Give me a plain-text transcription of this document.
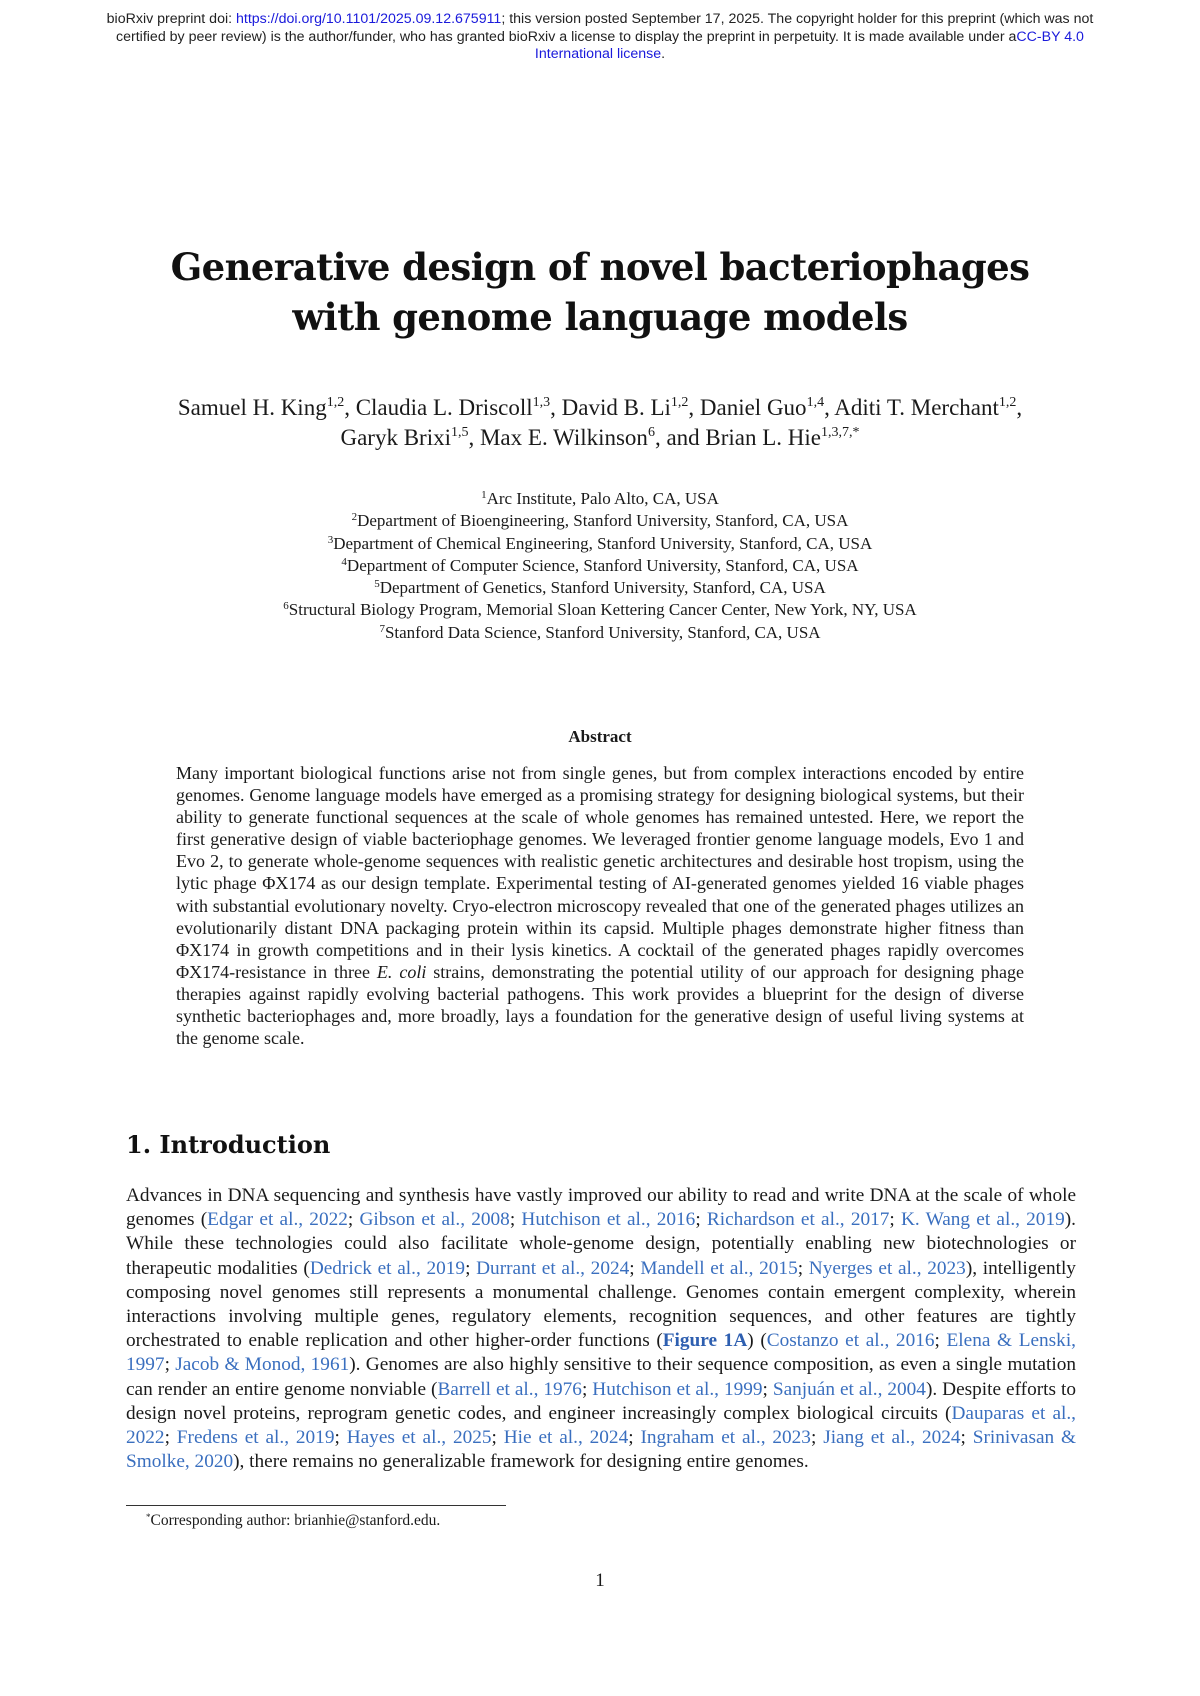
bioRxiv preprint doi: https://doi.org/10.1101/2025.09.12.675911; this version posted September 17, 2025. The copyright holder for this preprint (which was not certified by peer review) is the author/funder, who has granted bioRxiv a license to display the preprint in perpetuity. It is made available under aCC-BY 4.0 International license.
Generative design of novel bacteriophages
with genome language models
Samuel H. King$^{1,2}$, Claudia L. Driscoll$^{1,3}$, David B. Li$^{1,2}$, Daniel Guo$^{1,4}$, Aditi T. Merchant$^{1,2}$,
Garyk Brixi$^{1,5}$, Max E. Wilkinson$^6$, and Brian L. Hie$^{1,3,7,*}$
$^1$Arc Institute, Palo Alto, CA, USA
$^2$Department of Bioengineering, Stanford University, Stanford, CA, USA
$^3$Department of Chemical Engineering, Stanford University, Stanford, CA, USA
$^4$Department of Computer Science, Stanford University, Stanford, CA, USA
$^5$Department of Genetics, Stanford University, Stanford, CA, USA
$^6$Structural Biology Program, Memorial Sloan Kettering Cancer Center, New York, NY, USA
$^7$Stanford Data Science, Stanford University, Stanford, CA, USA
Abstract

Many important biological functions arise not from single genes, but from complex interactions encoded by entire genomes. Genome language models have emerged as a promising strategy for designing biological systems, but their ability to generate functional sequences at the scale of whole genomes has remained untested. Here, we report the first generative design of viable bacteriophage genomes. We leveraged frontier genome language models, Evo 1 and Evo 2, to generate whole-genome sequences with realistic genetic architectures and desirable host tropism, using the lytic phage ΦX174 as our design template. Experimental testing of AI-generated genomes yielded 16 viable phages with substantial evolutionary novelty. Cryo-electron microscopy revealed that one of the generated phages utilizes an evolutionarily distant DNA packaging protein within its capsid. Multiple phages demonstrate higher fitness than ΦX174 in growth competitions and in their lysis kinetics. A cocktail of the generated phages rapidly overcomes ΦX174-resistance in three E. coli strains, demonstrating the potential utility of our approach for designing phage therapies against rapidly evolving bacterial pathogens. This work provides a blueprint for the design of diverse synthetic bacteriophages and, more broadly, lays a foundation for the generative design of useful living systems at the genome scale.

1. Introduction

Advances in DNA sequencing and synthesis have vastly improved our ability to read and write DNA at the scale of whole genomes (Edgar et al., 2022; Gibson et al., 2008; Hutchison et al., 2016; Richardson et al., 2017; K. Wang et al., 2019). While these technologies could also facilitate whole-genome design, potentially enabling new biotechnologies or therapeutic modalities (Dedrick et al., 2019; Durrant et al., 2024; Mandell et al., 2015; Nyerges et al., 2023), intelligently composing novel genomes still represents a monumental challenge. Genomes contain emergent complexity, wherein interactions involving multiple genes, regulatory elements, recognition sequences, and other features are tightly orchestrated to enable replication and other higher-order functions (Figure 1A) (Costanzo et al., 2016; Elena & Lenski, 1997; Jacob & Monod, 1961). Genomes are also highly sensitive to their sequence composition, as even a single mutation can render an entire genome nonviable (Barrell et al., 1976; Hutchison et al., 1999; Sanjuán et al., 2004). Despite efforts to design novel proteins, reprogram genetic codes, and engineer increasingly complex biological circuits (Dauparas et al., 2022; Fredens et al., 2019; Hayes et al., 2025; Hie et al., 2024; Ingraham et al., 2023; Jiang et al., 2024; Srinivasan & Smolke, 2020), there remains no generalizable framework for designing entire genomes.

*Corresponding author: brianhie@stanford.edu.
1
